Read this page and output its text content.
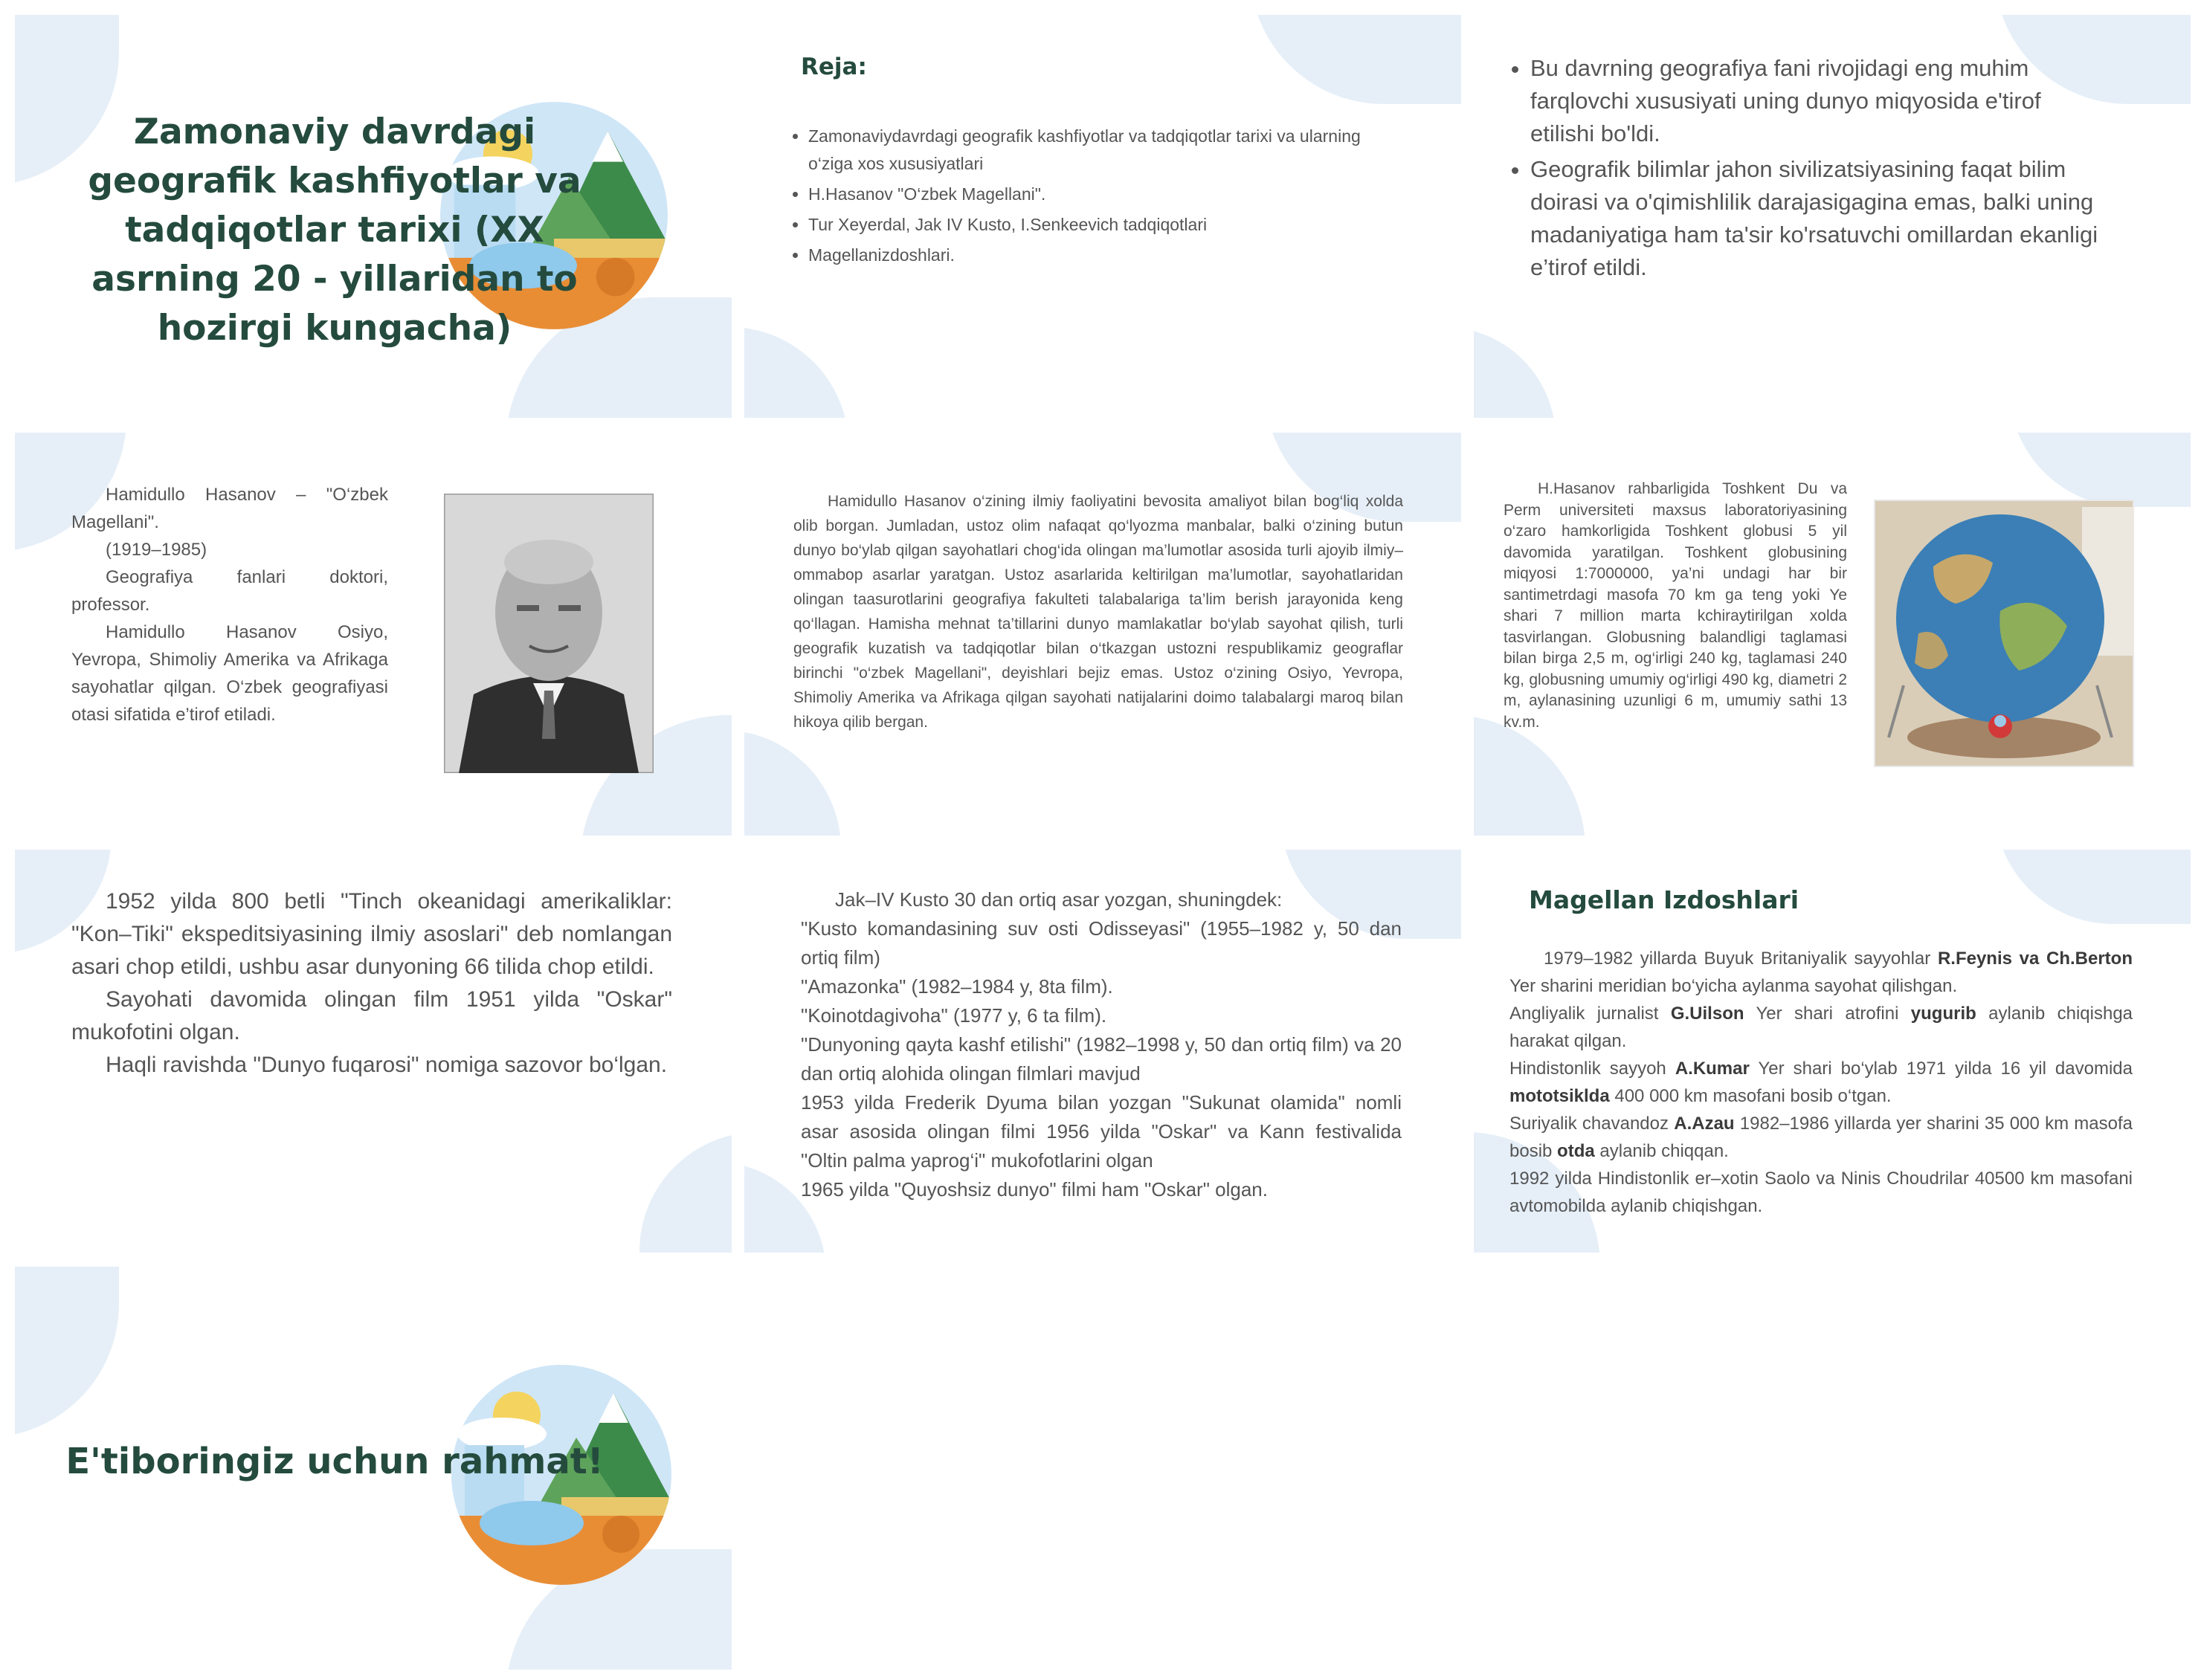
Zamonaviy davrdagi geografik kashfiyotlar va tadqiqotlar tarixi (XX asrning 20 - yillaridan to hozirgi kungacha)
Reja:
• Zamonaviydavrdagi geografik kashfiyotlar va tadqiqotlar tarixi va ularning o‘ziga xos xususiyatlari
• H.Hasanov "O‘zbek Magellani".
• Tur Xeyerdal, Jak IV Kusto, I.Senkeevich tadqiqotlari
• Magellanizdoshlari.
• Bu davrning geografiya fani rivojidagi eng muhim farqlovchi xususiyati uning dunyo miqyosida e'tirof etilishi bo'ldi.
• Geografik bilimlar jahon sivilizatsiyasining faqat bilim doirasi va o'qimishlilik darajasigagina emas, balki uning madaniyatiga ham ta'sir ko'rsatuvchi omillardan ekanligi e’tirof etildi.

Hamidullo Hasanov – "O‘zbek Magellani".

(1919–1985)

Geografiya fanlari doktori, professor.

Hamidullo Hasanov Osiyo, Yevropa, Shimoliy Amerika va Afrikaga sayohatlar qilgan. O‘zbek geografiyasi otasi sifatida e’tirof etiladi.

Hamidullo Hasanov o‘zining ilmiy faoliyatini bevosita amaliyot bilan bog‘liq xolda olib borgan. Jumladan, ustoz olim nafaqat qo‘lyozma manbalar, balki o‘zining butun dunyo bo‘ylab qilgan sayohatlari chog‘ida olingan ma’lumotlar asosida turli ajoyib ilmiy–ommabop asarlar yaratgan. Ustoz asarlarida keltirilgan ma’lumotlar, sayohatlaridan olingan taasurotlarini geografiya fakulteti talabalariga ta’lim berish jarayonida keng qo‘llagan. Hamisha mehnat ta’tillarini dunyo mamlakatlar bo‘ylab sayohat qilish, turli geografik kuzatish va tadqiqotlar bilan o‘tkazgan ustozni respublikamiz geograflar birinchi "o‘zbek Magellani", deyishlari bejiz emas. Ustoz o‘zining Osiyo, Yevropa, Shimoliy Amerika va Afrikaga qilgan sayohati natijalarini doimo talabalargi maroq bilan hikoya qilib bergan.

H.Hasanov rahbarligida Toshkent Du va Perm universiteti maxsus laboratoriyasining o‘zaro hamkorligida Toshkent globusi 5 yil davomida yaratilgan. Toshkent globusining miqyosi 1:7000000, ya’ni undagi har bir santimetrdagi masofa 70 km ga teng yoki Ye shari 7 million marta kchiraytirilgan xolda tasvirlangan. Globusning balandligi taglamasi bilan birga 2,5 m, og‘irligi 240 kg, taglamasi 240 kg, globusning umumiy og‘irligi 490 kg, diametri 2 m, aylanasining uzunligi 6 m, umumiy sathi 13 kv.m.

1952 yilda 800 betli "Tinch okeanidagi amerikaliklar: "Kon–Tiki" ekspeditsiyasining ilmiy asoslari" deb nomlangan asari chop etildi, ushbu asar dunyoning 66 tilida chop etildi.

Sayohati davomida olingan film 1951 yilda "Oskar" mukofotini olgan.

Haqli ravishda "Dunyo fuqarosi" nomiga sazovor bo‘lgan.

Jak–IV Kusto 30 dan ortiq asar yozgan, shuningdek:

"Kusto komandasining suv osti Odisseyasi" (1955–1982 y, 50 dan ortiq film)
"Amazonka" (1982–1984 y, 8ta film).
"Koinotdagivoha" (1977 y, 6 ta film).
"Dunyoning qayta kashf etilishi" (1982–1998 y, 50 dan ortiq film) va 20 dan ortiq alohida olingan filmlari mavjud
1953 yilda Frederik Dyuma bilan yozgan "Sukunat olamida" nomli asar asosida olingan filmi 1956 yilda "Oskar" va Kann festivalida "Oltin palma yaprog‘i" mukofotlarini olgan
1965 yilda "Quyoshsiz dunyo" filmi ham "Oskar" olgan.
Magellan Izdoshlari

1979–1982 yillarda Buyuk Britaniyalik sayyohlar R.Feynis va Ch.Berton Yer sharini meridian bo‘yicha aylanma sayohat qilishgan.

Angliyalik jurnalist G.Uilson Yer shari atrofini yugurib aylanib chiqishga harakat qilgan.
Hindistonlik sayyoh A.Kumar Yer shari bo‘ylab 1971 yilda 16 yil davomida mototsiklda 400 000 km masofani bosib o‘tgan.
Suriyalik chavandoz A.Azau 1982–1986 yillarda yer sharini 35 000 km masofa bosib otda aylanib chiqqan.
1992 yilda Hindistonlik er–xotin Saolo va Ninis Choudrilar 40500 km masofani avtomobilda aylanib chiqishgan.
E'tiboringiz uchun rahmat!
